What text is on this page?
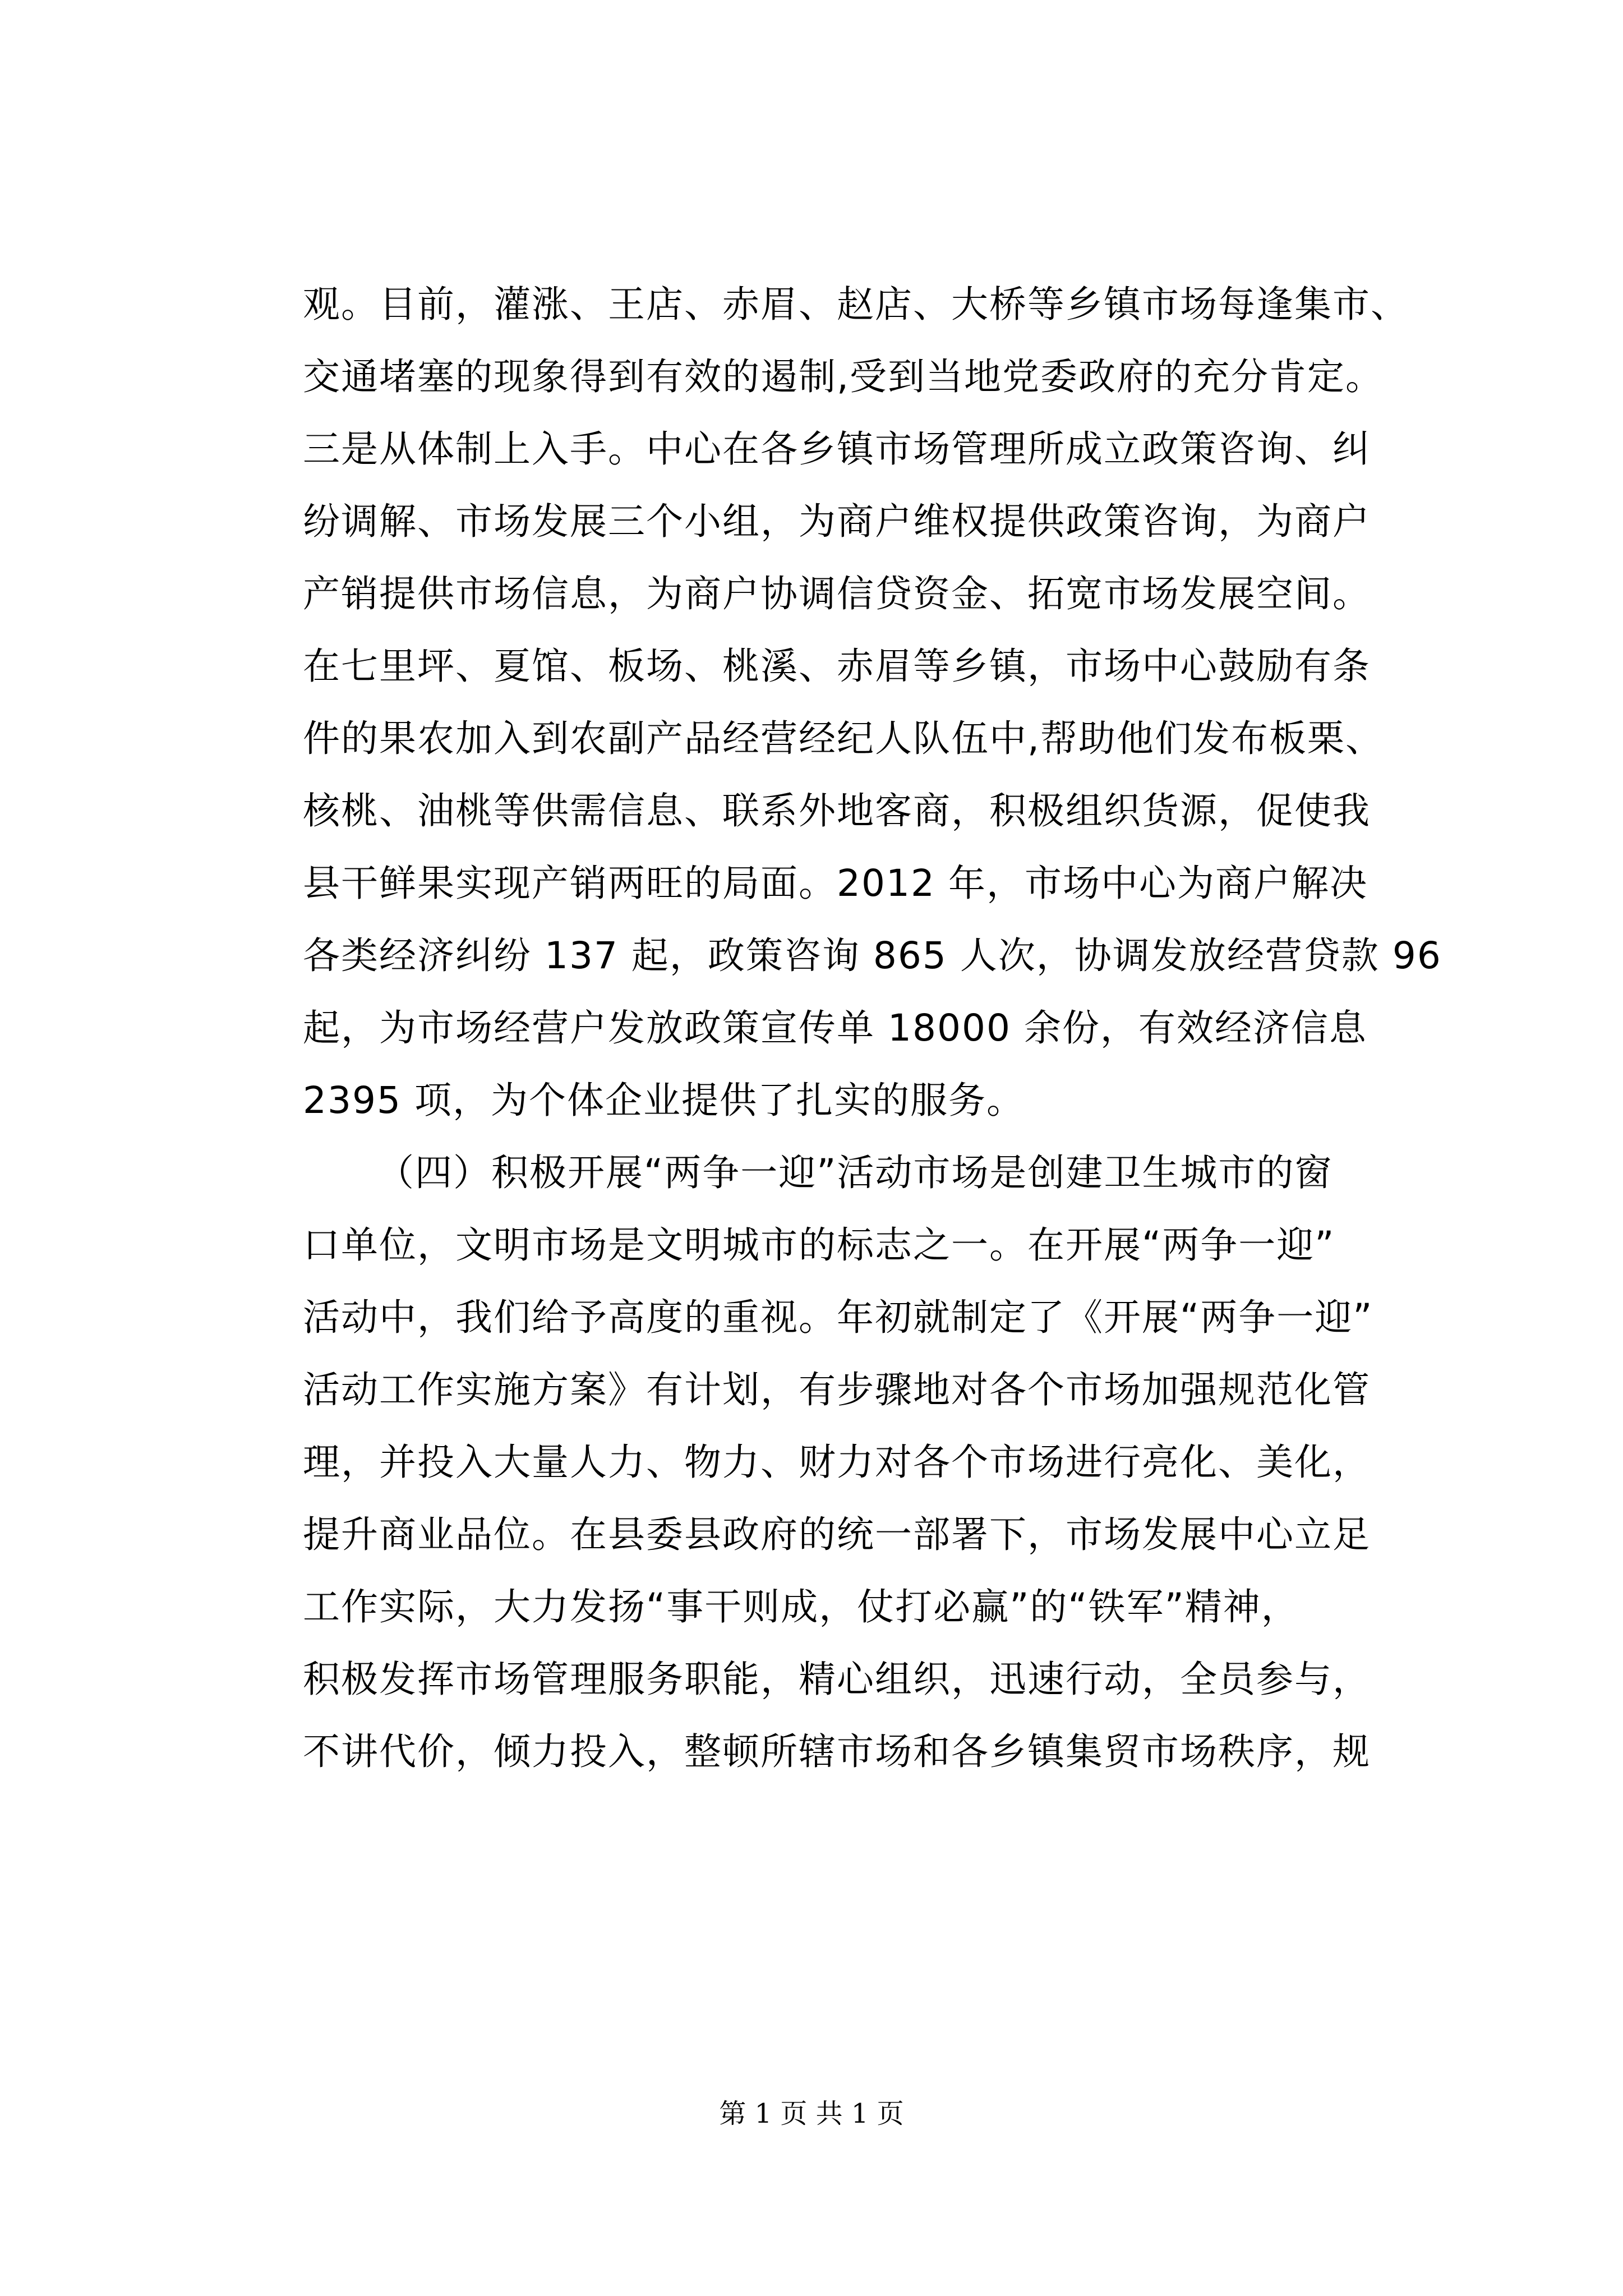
观。目前，灌涨、王店、赤眉、赵店、大桥等乡镇市场每逢集市、
交通堵塞的现象得到有效的遏制,受到当地党委政府的充分肯定。
三是从体制上入手。中心在各乡镇市场管理所成立政策咨询、纠
纷调解、市场发展三个小组，为商户维权提供政策咨询，为商户
产销提供市场信息，为商户协调信贷资金、拓宽市场发展空间。
在七里坪、夏馆、板场、桃溪、赤眉等乡镇，市场中心鼓励有条
件的果农加入到农副产品经营经纪人队伍中,帮助他们发布板栗、
核桃、油桃等供需信息、联系外地客商，积极组织货源，促使我
县干鲜果实现产销两旺的局面。2012 年，市场中心为商户解决
各类经济纠纷 137 起，政策咨询 865 人次，协调发放经营贷款 96
起，为市场经营户发放政策宣传单 18000 余份，有效经济信息
2395 项，为个体企业提供了扎实的服务。
（四）积极开展“两争一迎”活动市场是创建卫生城市的窗
口单位，文明市场是文明城市的标志之一。在开展“两争一迎”
活动中，我们给予高度的重视。年初就制定了《开展“两争一迎”
活动工作实施方案》有计划，有步骤地对各个市场加强规范化管
理，并投入大量人力、物力、财力对各个市场进行亮化、美化，
提升商业品位。在县委县政府的统一部署下，市场发展中心立足
工作实际，大力发扬“事干则成，仗打必赢”的“铁军”精神，
积极发挥市场管理服务职能，精心组织，迅速行动，全员参与，
不讲代价，倾力投入，整顿所辖市场和各乡镇集贸市场秩序，规
第 1 页 共 1 页
